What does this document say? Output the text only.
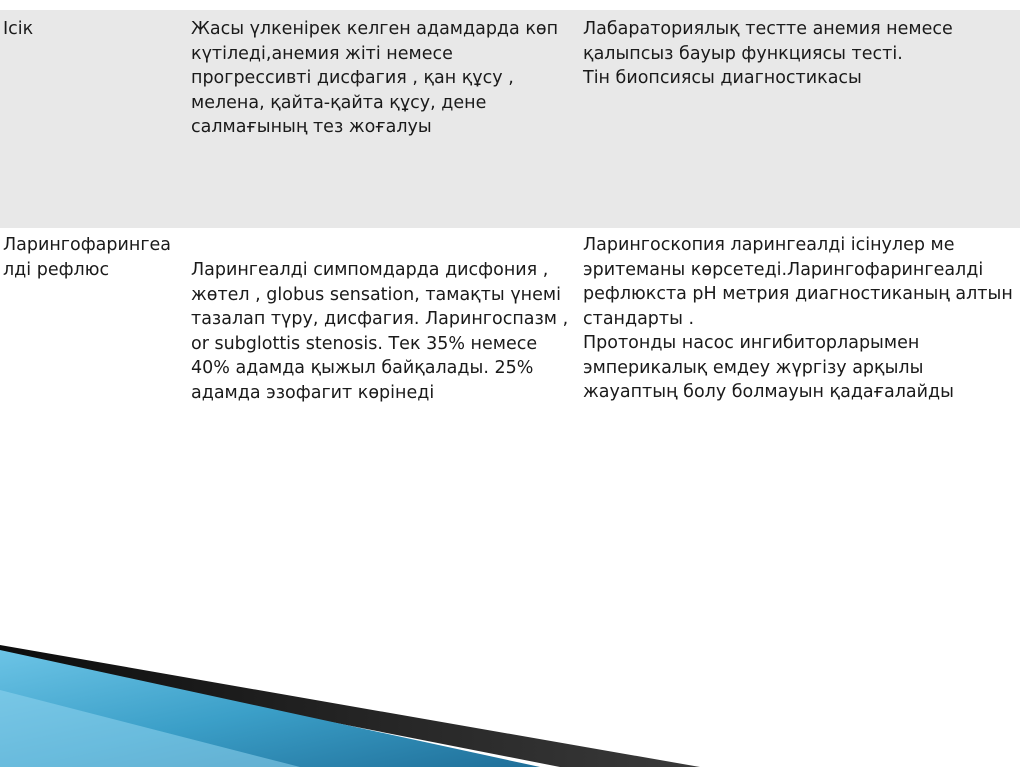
Ісік	Жасы үлкенірек келген адамдарда көп күтіледі,анемия жіті немесе прогрессивті дисфагия , қан құсу , мелена, қайта-қайта құсу, дене салмағының тез жоғалуы
Лабараториялық тестте анемия немесе қалыпсыз бауыр функциясы тесті.
Тін биопсиясы диагностикасы
Ларингофарингеа лді рефлюс	Ларингеалді симпомдарда дисфония , жөтел , globus sensation, тамақты үнемі тазалап түру, дисфагия. Ларингоспазм , or subglottis stenosis. Тек 35% немесе 40% адамда қыжыл байқалады. 25% адамда эзофагит көрінеді
Ларингоскопия ларингеалді ісінулер ме эритеманы көрсетеді.Ларингофарингеалді рефлюкста pH метрия диагностиканың алтын стандарты .
Протонды насос ингибиторларымен эмперикалық емдеу жүргізу арқылы жауаптың болу болмауын қадағалайды
